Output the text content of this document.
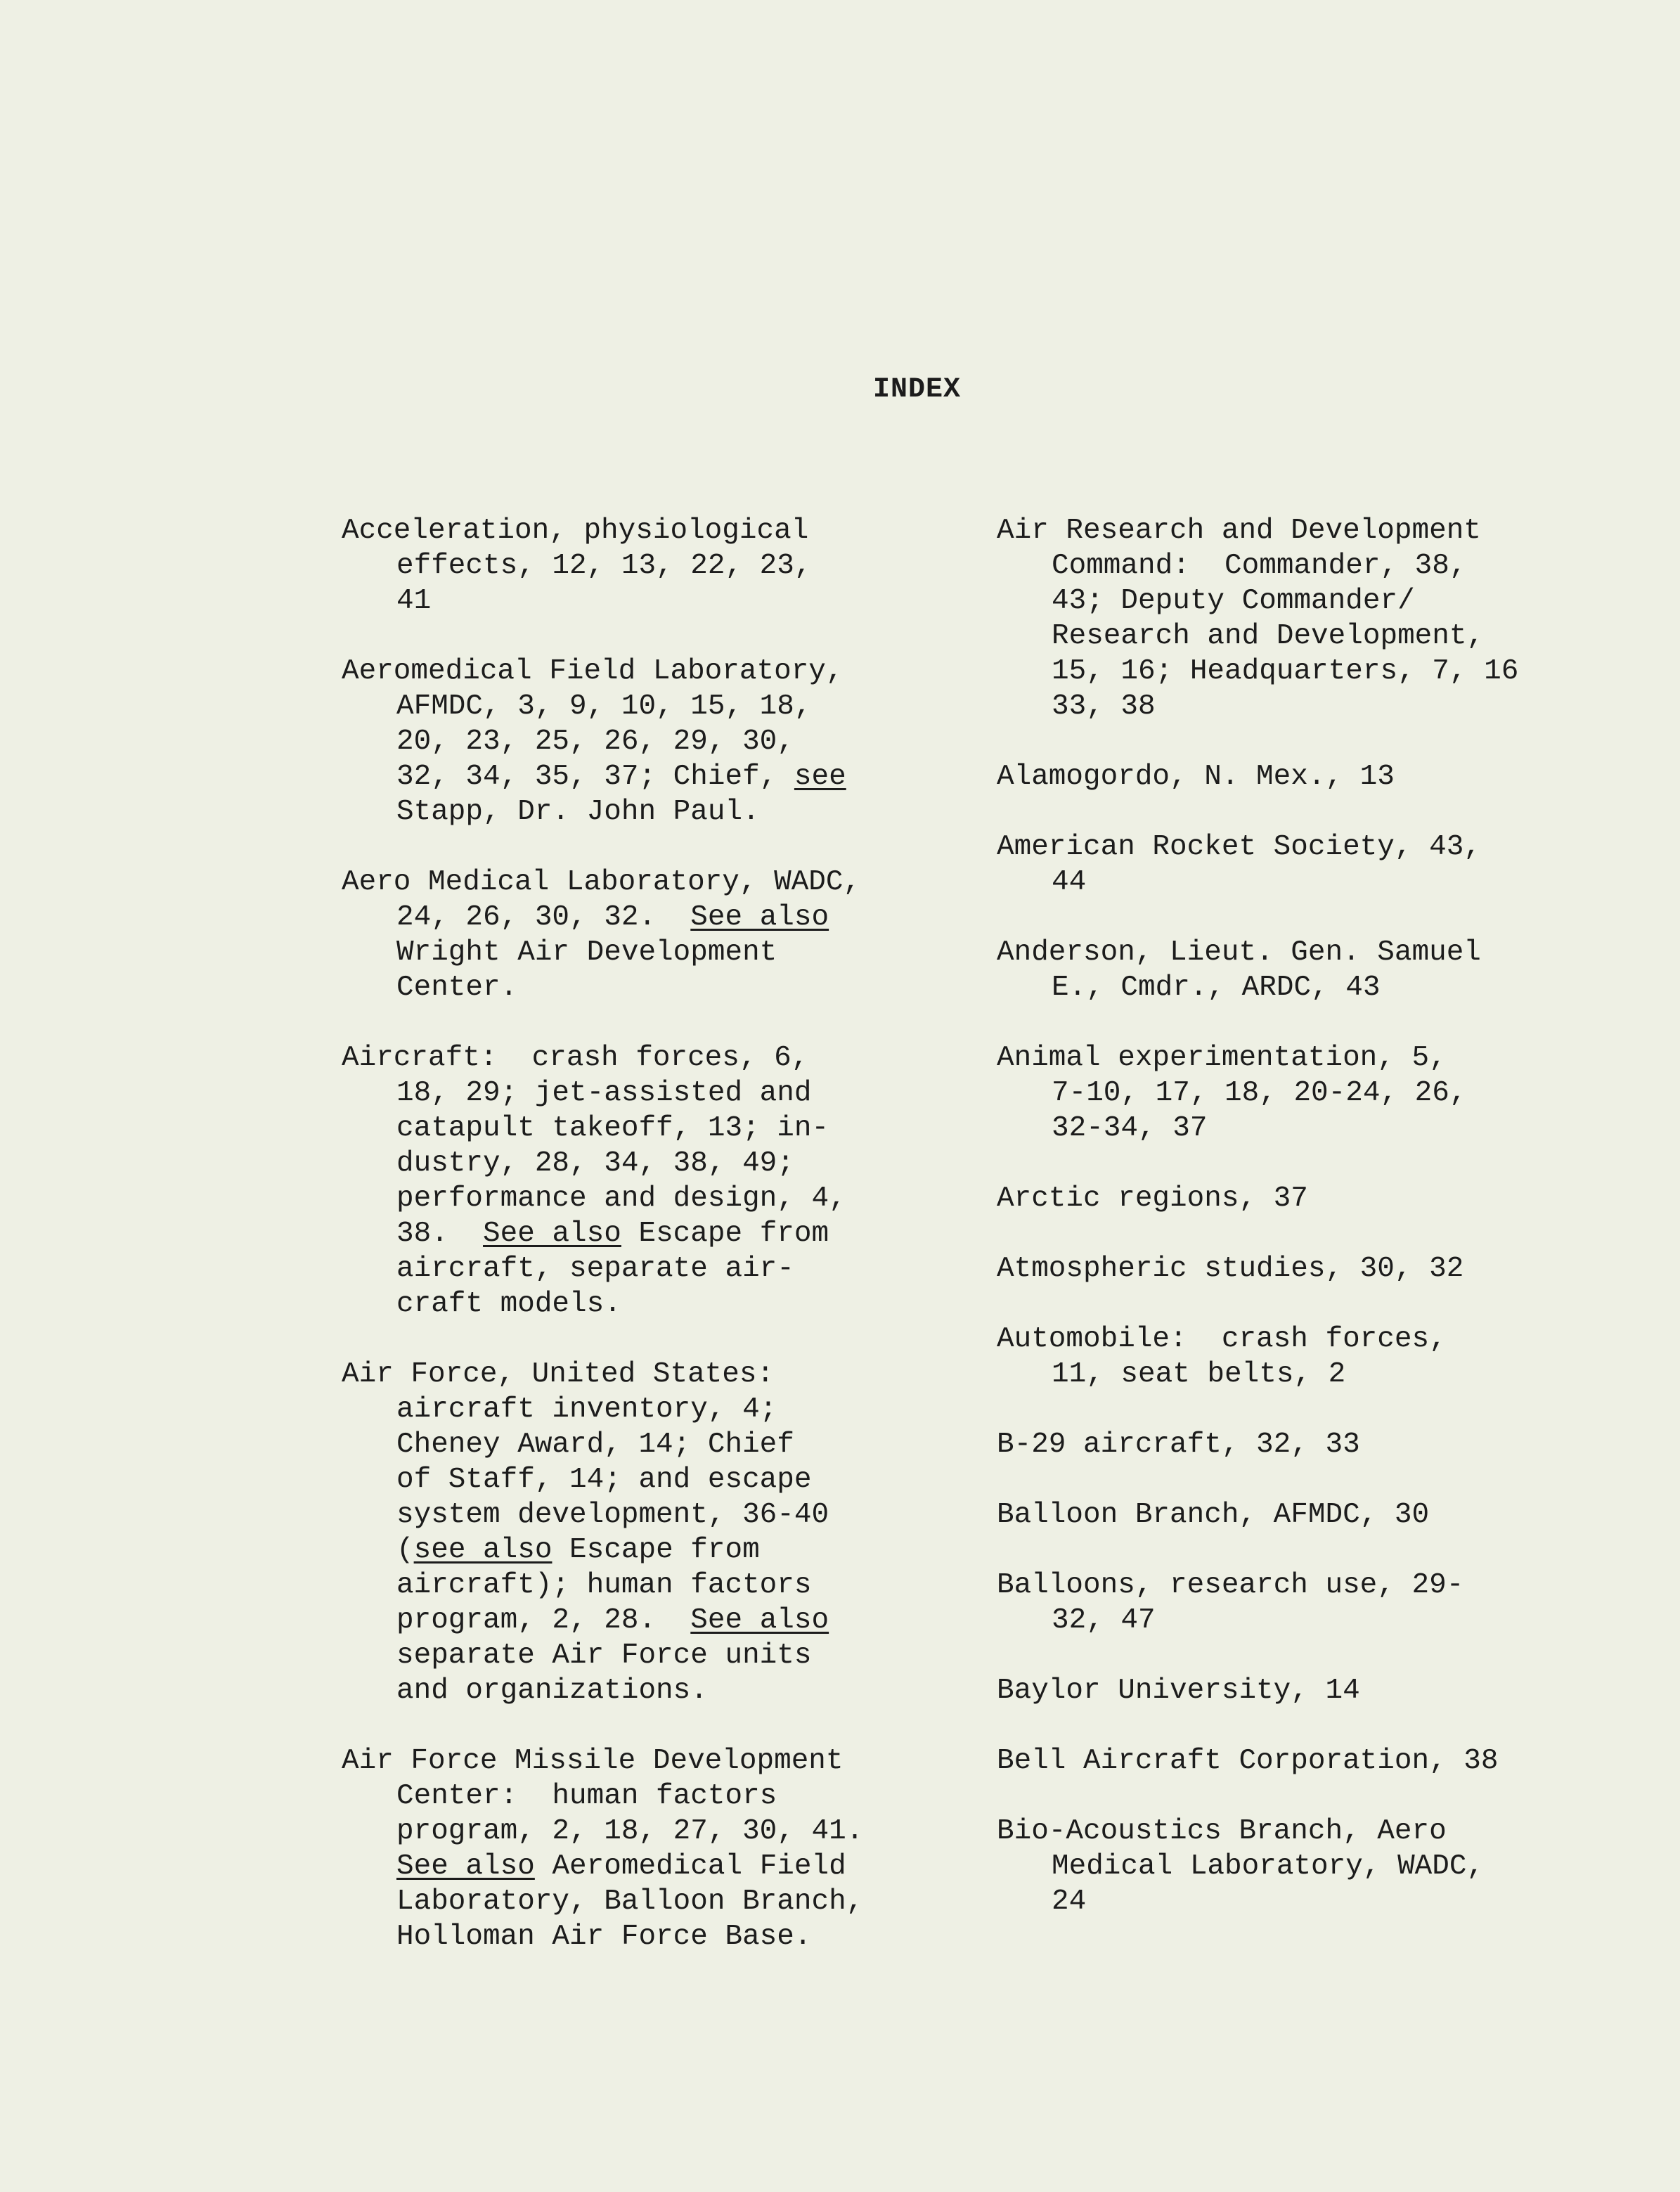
INDEX
Acceleration, physiological
effects, 12, 13, 22, 23,
41
Aeromedical Field Laboratory,
AFMDC, 3, 9, 10, 15, 18,
20, 23, 25, 26, 29, 30,
32, 34, 35, 37; Chief, see
Stapp, Dr. John Paul.
Aero Medical Laboratory, WADC,
24, 26, 30, 32.  See also
Wright Air Development
Center.
Aircraft:  crash forces, 6,
18, 29; jet-assisted and
catapult takeoff, 13; in-
dustry, 28, 34, 38, 49;
performance and design, 4,
38.  See also Escape from
aircraft, separate air-
craft models.
Air Force, United States:
aircraft inventory, 4;
Cheney Award, 14; Chief
of Staff, 14; and escape
system development, 36-40
(see also Escape from
aircraft); human factors
program, 2, 28.  See also
separate Air Force units
and organizations.
Air Force Missile Development
Center:  human factors
program, 2, 18, 27, 30, 41.
See also Aeromedical Field
Laboratory, Balloon Branch,
Holloman Air Force Base.
Air Research and Development
Command:  Commander, 38,
43; Deputy Commander/
Research and Development,
15, 16; Headquarters, 7, 16
33, 38
Alamogordo, N. Mex., 13
American Rocket Society, 43,
44
Anderson, Lieut. Gen. Samuel
E., Cmdr., ARDC, 43
Animal experimentation, 5,
7-10, 17, 18, 20-24, 26,
32-34, 37
Arctic regions, 37
Atmospheric studies, 30, 32
Automobile:  crash forces,
11, seat belts, 2
B-29 aircraft, 32, 33
Balloon Branch, AFMDC, 30
Balloons, research use, 29-
32, 47
Baylor University, 14
Bell Aircraft Corporation, 38
Bio-Acoustics Branch, Aero
Medical Laboratory, WADC,
24
